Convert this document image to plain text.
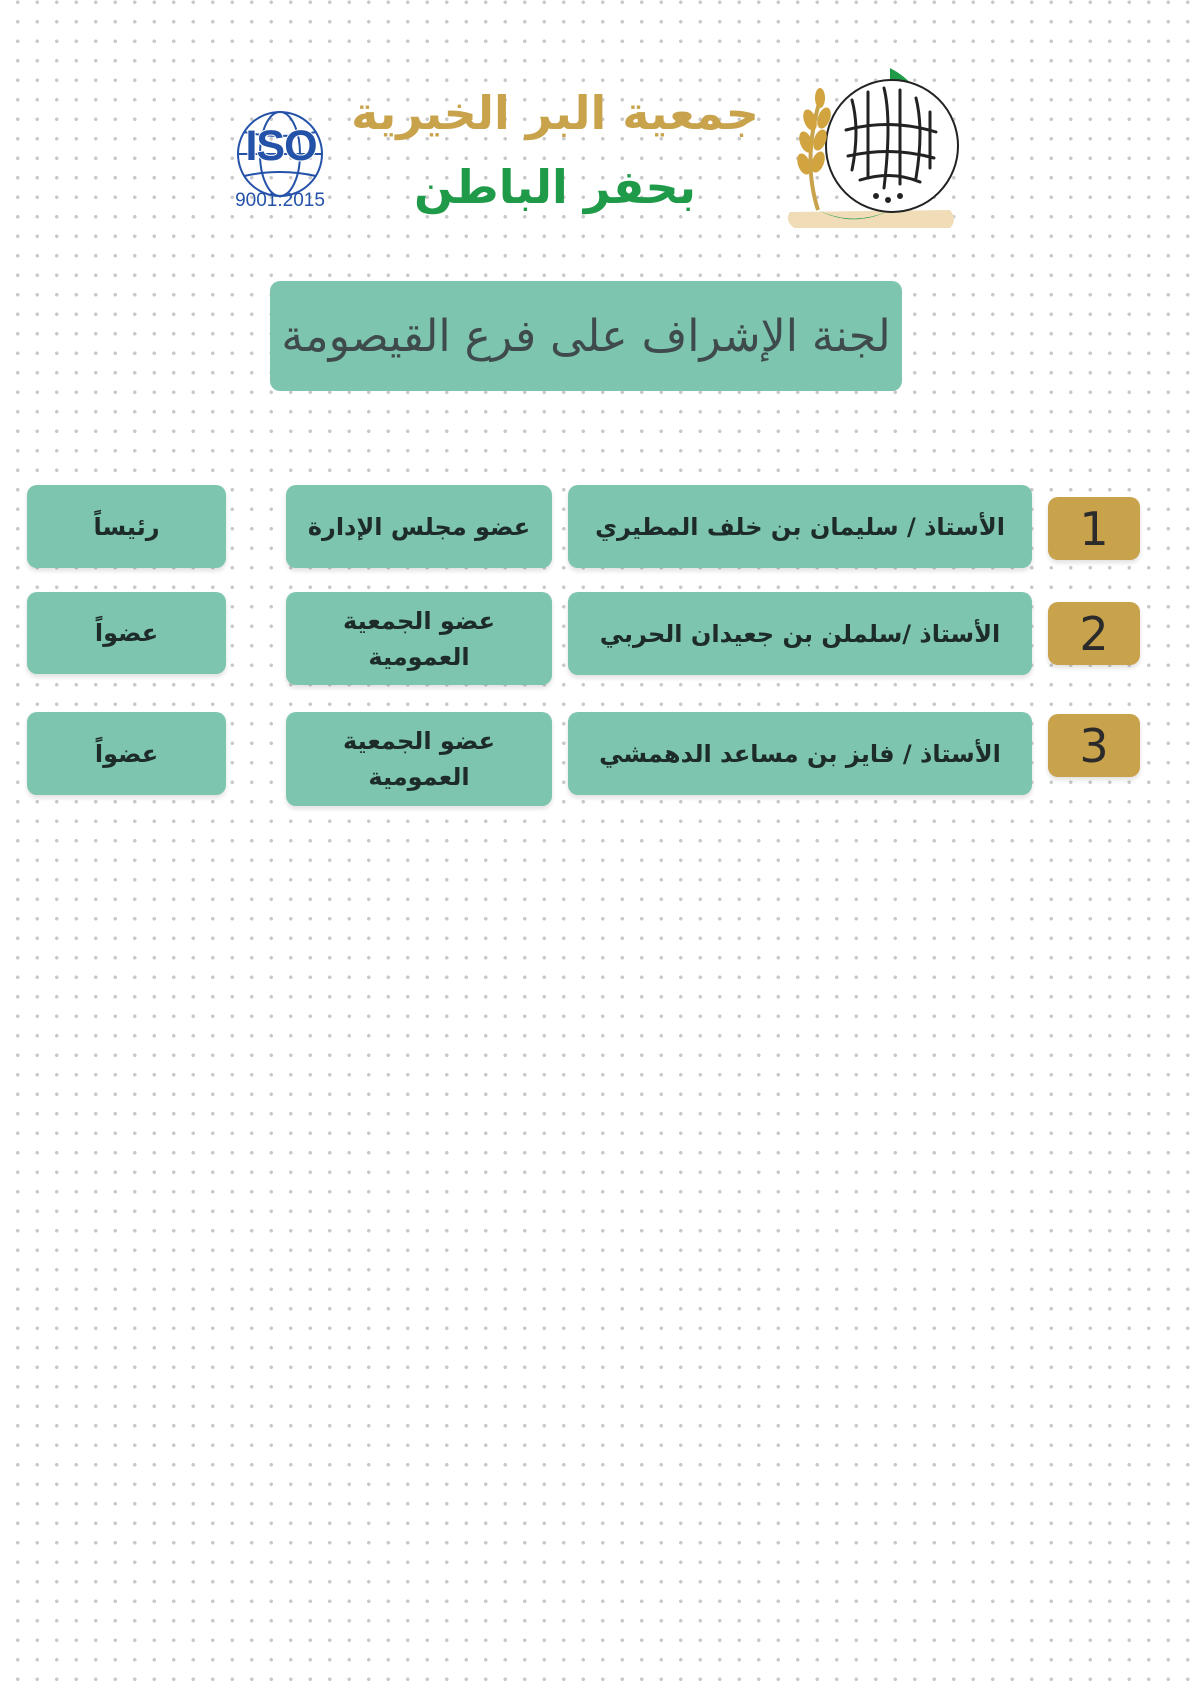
جمعية البر الخيرية
بحفر الباطن
ISO
9001:2015
لجنة الإشراف على فرع القيصومة
1
الأستاذ / سليمان بن خلف المطيري
عضو مجلس الإدارة
رئيساً
2
الأستاذ /سلملن بن جعيدان الحربي
عضو الجمعية العمومية
عضواً
3
الأستاذ / فايز بن مساعد الدهمشي
عضو الجمعية العمومية
عضواً
